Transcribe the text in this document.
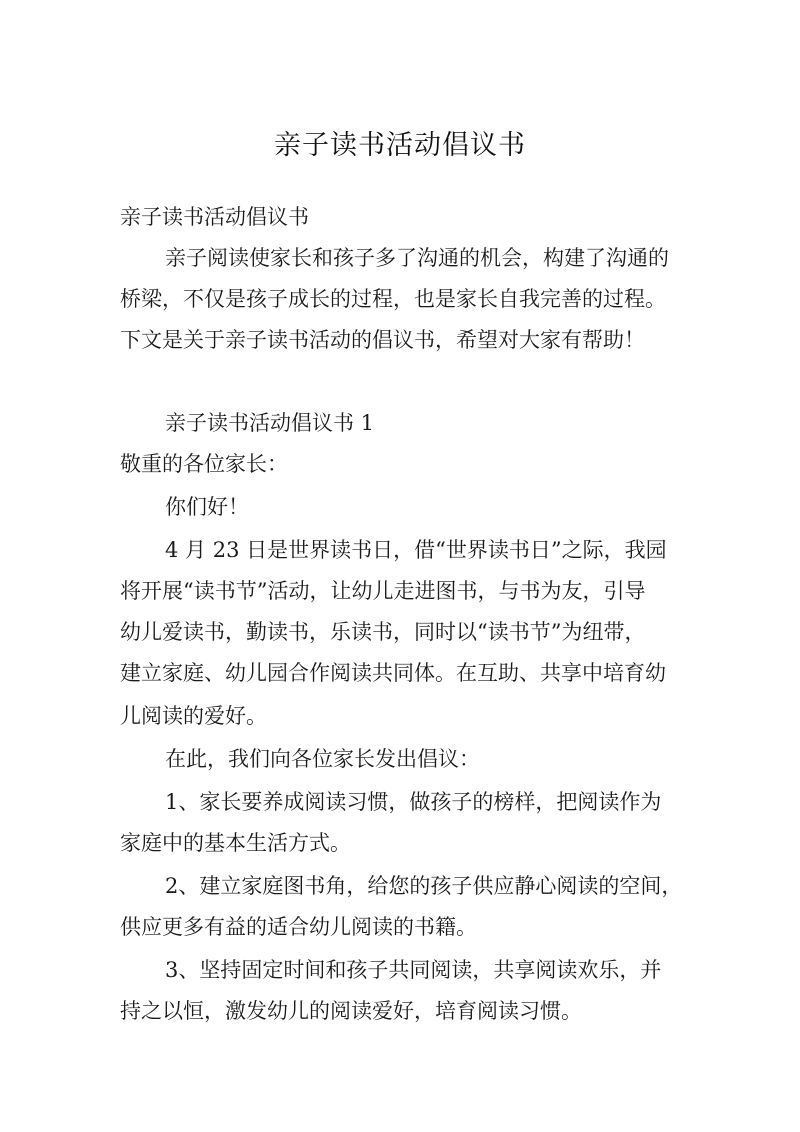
亲子读书活动倡议书
亲子读书活动倡议书
亲子阅读使家长和孩子多了沟通的机会，构建了沟通的
桥梁，不仅是孩子成长的过程，也是家长自我完善的过程。
下文是关于亲子读书活动的倡议书，希望对大家有帮助！
亲子读书活动倡议书 1
敬重的各位家长：
你们好！
4 月 23 日是世界读书日，借“世界读书日”之际，我园
将开展“读书节”活动，让幼儿走进图书，与书为友，引导
幼儿爱读书，勤读书，乐读书，同时以“读书节”为纽带，
建立家庭、幼儿园合作阅读共同体。在互助、共享中培育幼
儿阅读的爱好。
在此，我们向各位家长发出倡议：
1、家长要养成阅读习惯，做孩子的榜样，把阅读作为
家庭中的基本生活方式。
2、建立家庭图书角，给您的孩子供应静心阅读的空间，
供应更多有益的适合幼儿阅读的书籍。
3、坚持固定时间和孩子共同阅读，共享阅读欢乐，并
持之以恒，激发幼儿的阅读爱好，培育阅读习惯。
